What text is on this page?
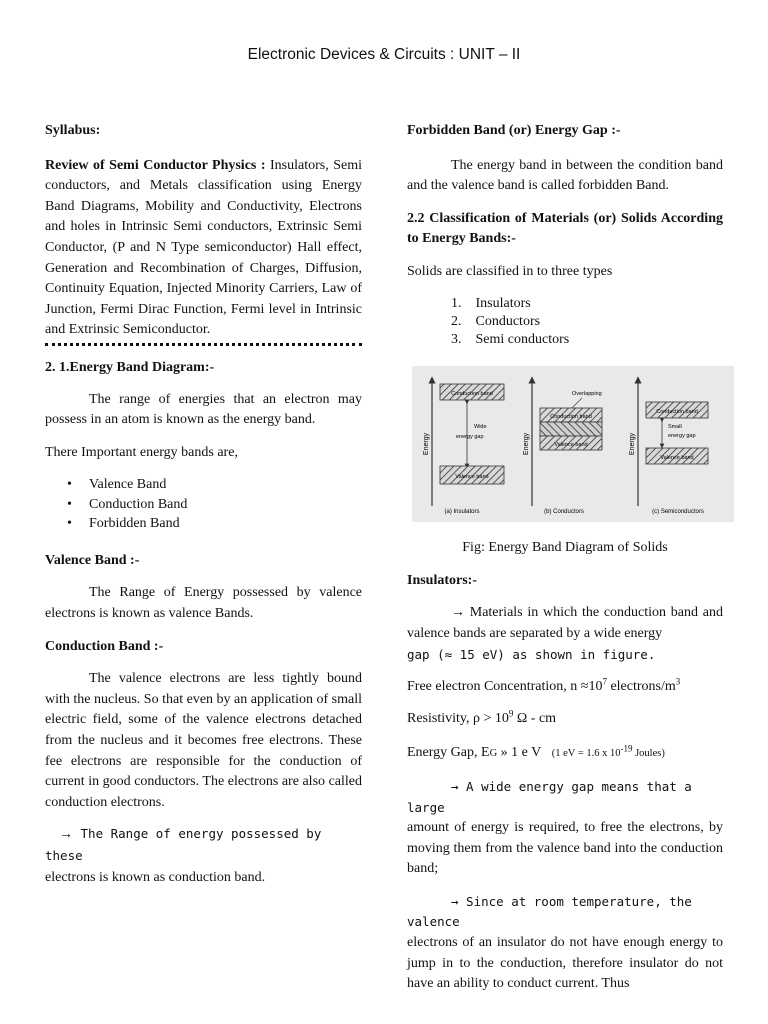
Electronic Devices & Circuits : UNIT – II

Syllabus:

Review of Semi Conductor Physics : Insulators, Semi conductors, and Metals classification using Energy Band Diagrams, Mobility and Conductivity, Electrons and holes in Intrinsic Semi conductors, Extrinsic Semi Conductor, (P and N Type semiconductor) Hall effect, Generation and Recombination of Charges, Diffusion, Continuity Equation, Injected Minority Carriers, Law of Junction, Fermi Dirac Function, Fermi level in Intrinsic and Extrinsic Semiconductor.

2. 1.Energy Band Diagram:-

The range of energies that an electron may possess in an atom is known as the energy band.

There Important energy bands are,

• Valence Band
• Conduction Band
• Forbidden Band

Valence Band :-

The Range of Energy possessed by valence electrons is known as valence Bands.

Conduction Band :-

The valence electrons are less tightly bound with the nucleus. So that even by an application of small electric field, some of the valence electrons detached from the nucleus and it becomes free electrons. These fee electrons are responsible for the conduction of current in good conductors. The electrons are also called conduction electrons.

→ The Range of energy possessed by these

electrons is known as conduction band.

Forbidden Band (or) Energy Gap :-

The energy band in between the condition band and the valence band is called forbidden Band.

2.2 Classification of Materials (or) Solids According to Energy Bands:-

Solids are classified in to three types

1. Insulators
2. Conductors
3. Semi conductors
Energy
Conduction band
Wide
energy gap
Valence band
(a) Insulators
Energy
Overlapping
Conduction band
Valence band
(b) Conductors
Energy
Conduction band
Small
energy gap
Valence band
(c) Semiconductors

Fig: Energy Band Diagram of Solids

Insulators:-

→ Materials in which the conduction band and valence bands are separated by a wide energy

gap (≈ 15 eV) as shown in figure.

Free electron Concentration, $n \approx 10^7$ electrons/$m^3$

Resistivity, $\rho > 10^9$ Ω - cm

Energy Gap, EG » 1 e V (1 eV = 1.6 x $10^{-19}$ Joules)

→ A wide energy gap means that a large

amount of energy is required, to free the electrons, by moving them from the valence band into the conduction band;

→ Since at room temperature, the valence

electrons of an insulator do not have enough energy to jump in to the conduction, therefore insulator do not have an ability to conduct current. Thus
